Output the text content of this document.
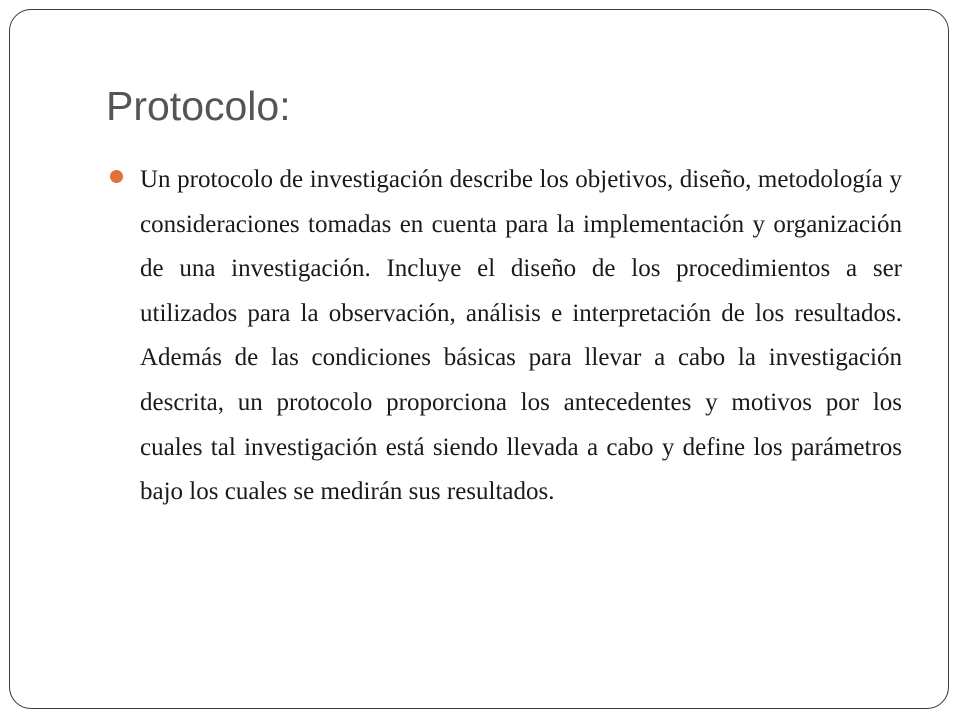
Protocolo:

Un protocolo de investigación describe los objetivos, diseño, metodología y consideraciones tomadas en cuenta para la implementación y organización de una investigación. Incluye el diseño de los procedimientos a ser utilizados para la observación, análisis e interpretación de los resultados. Además de las condiciones básicas para llevar a cabo la investigación descrita, un protocolo proporciona los antecedentes y motivos por los cuales tal investigación está siendo llevada a cabo y define los parámetros bajo los cuales se medirán sus resultados.
